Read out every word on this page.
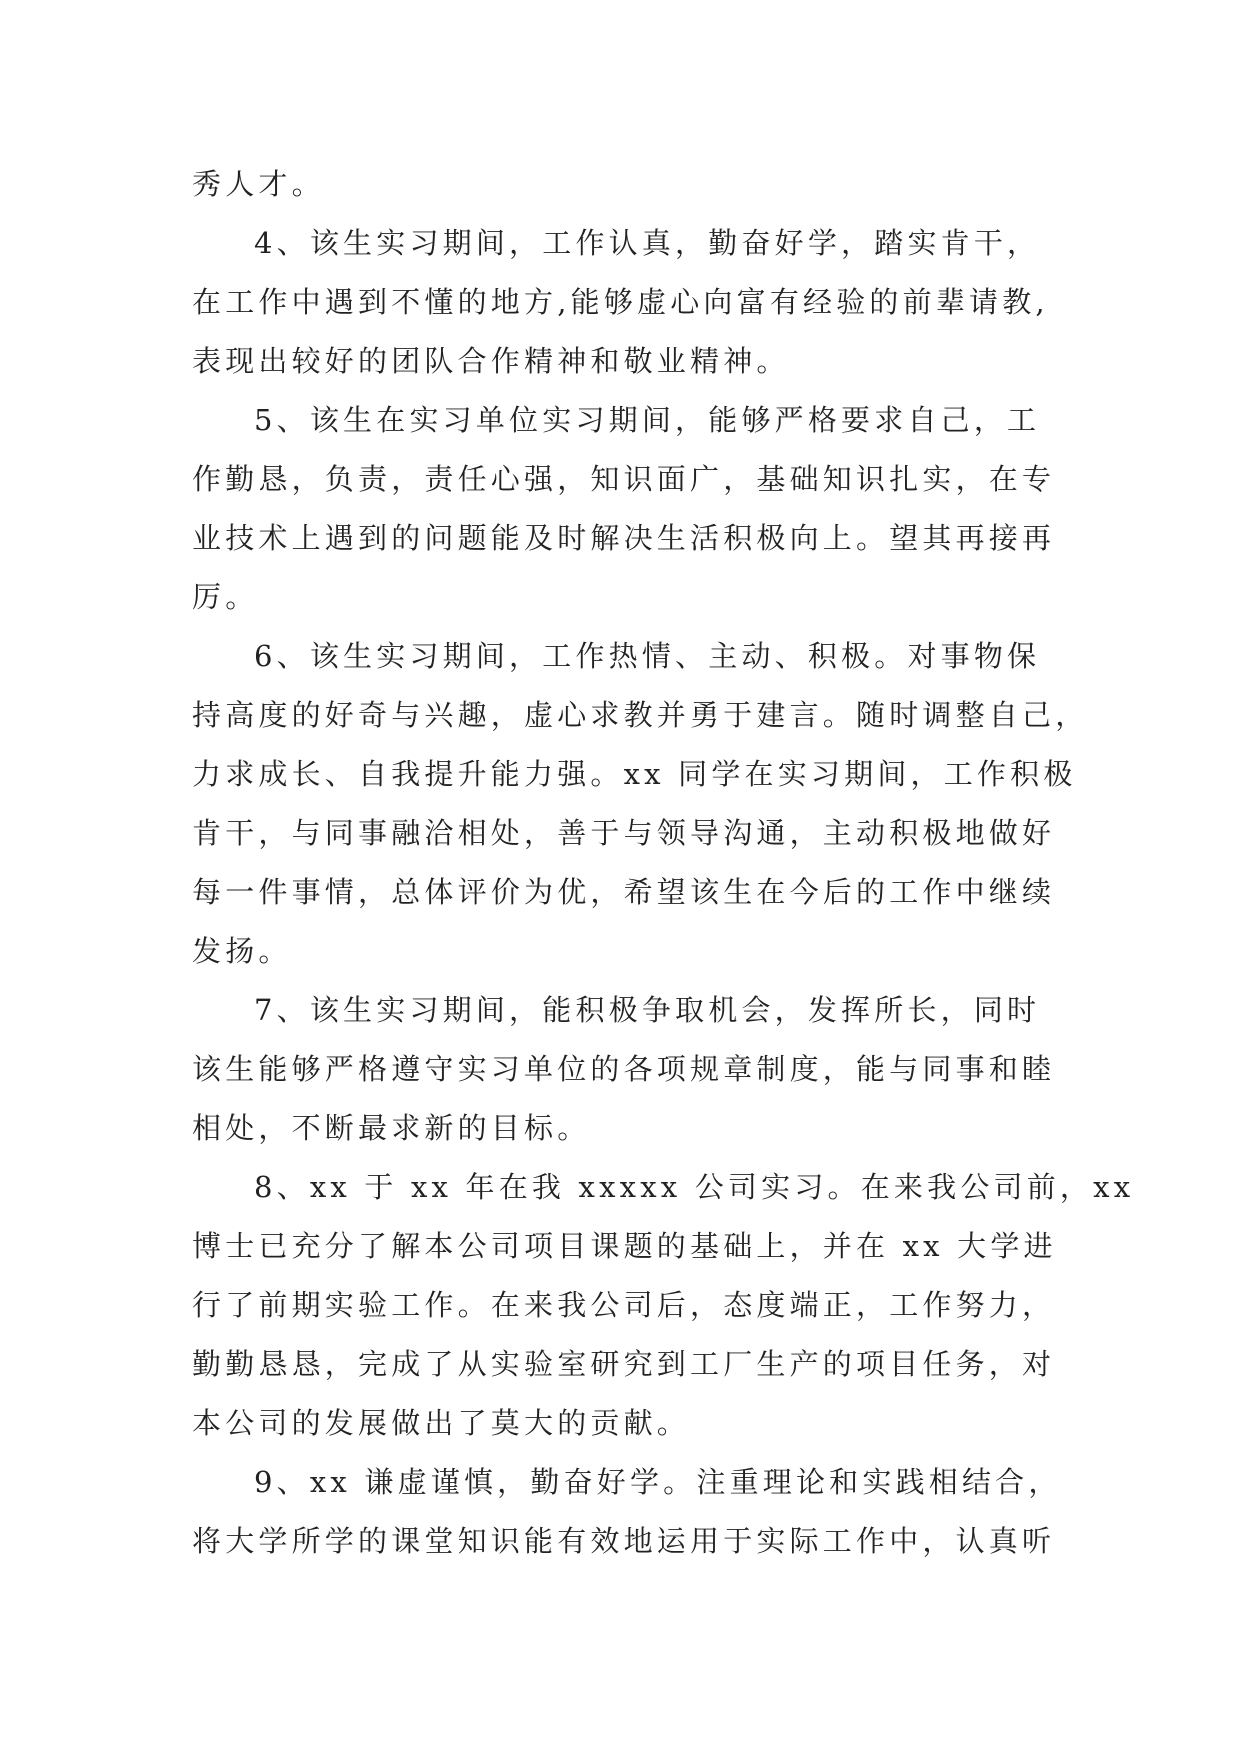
秀人才。
4、该生实习期间，工作认真，勤奋好学，踏实肯干，
在工作中遇到不懂的地方,能够虚心向富有经验的前辈请教,
表现出较好的团队合作精神和敬业精神。
5、该生在实习单位实习期间，能够严格要求自己，工
作勤恳，负责，责任心强，知识面广，基础知识扎实，在专
业技术上遇到的问题能及时解决生活积极向上。望其再接再
厉。
6、该生实习期间，工作热情、主动、积极。对事物保
持高度的好奇与兴趣，虚心求教并勇于建言。随时调整自己，
力求成长、自我提升能力强。xx 同学在实习期间，工作积极
肯干，与同事融洽相处，善于与领导沟通，主动积极地做好
每一件事情，总体评价为优，希望该生在今后的工作中继续
发扬。
7、该生实习期间，能积极争取机会，发挥所长，同时
该生能够严格遵守实习单位的各项规章制度，能与同事和睦
相处，不断最求新的目标。
8、xx 于 xx 年在我 xxxxx 公司实习。在来我公司前，xx
博士已充分了解本公司项目课题的基础上，并在 xx 大学进
行了前期实验工作。在来我公司后，态度端正，工作努力，
勤勤恳恳，完成了从实验室研究到工厂生产的项目任务，对
本公司的发展做出了莫大的贡献。
9、xx 谦虚谨慎，勤奋好学。注重理论和实践相结合，
将大学所学的课堂知识能有效地运用于实际工作中，认真听
